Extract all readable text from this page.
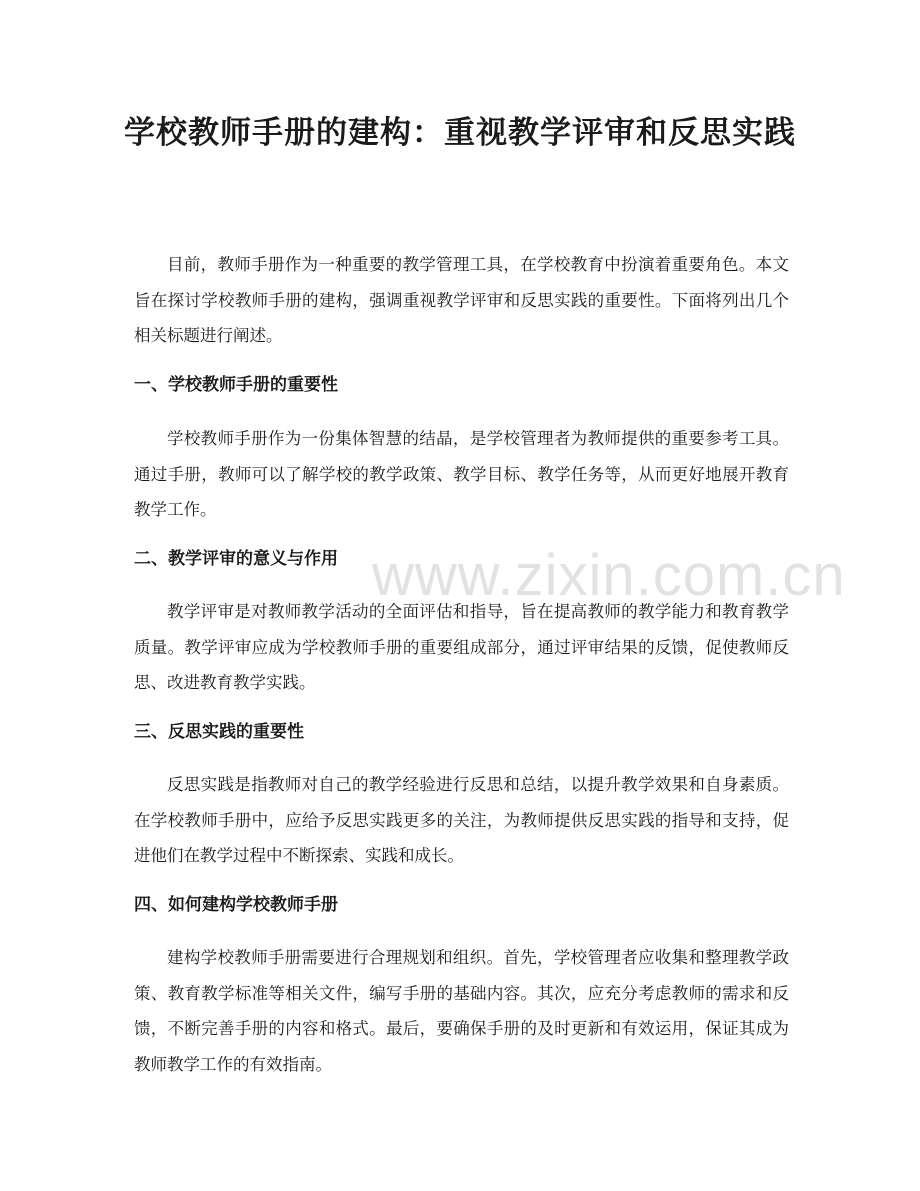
学校教师手册的建构：重视教学评审和反思实践

目前，教师手册作为一种重要的教学管理工具，在学校教育中扮演着重要角色。本文旨在探讨学校教师手册的建构，强调重视教学评审和反思实践的重要性。下面将列出几个相关标题进行阐述。

一、学校教师手册的重要性

学校教师手册作为一份集体智慧的结晶，是学校管理者为教师提供的重要参考工具。通过手册，教师可以了解学校的教学政策、教学目标、教学任务等，从而更好地展开教育教学工作。

二、教学评审的意义与作用

教学评审是对教师教学活动的全面评估和指导，旨在提高教师的教学能力和教育教学质量。教学评审应成为学校教师手册的重要组成部分，通过评审结果的反馈，促使教师反思、改进教育教学实践。

三、反思实践的重要性

反思实践是指教师对自己的教学经验进行反思和总结，以提升教学效果和自身素质。在学校教师手册中，应给予反思实践更多的关注，为教师提供反思实践的指导和支持，促进他们在教学过程中不断探索、实践和成长。

四、如何建构学校教师手册

建构学校教师手册需要进行合理规划和组织。首先，学校管理者应收集和整理教学政策、教育教学标准等相关文件，编写手册的基础内容。其次，应充分考虑教师的需求和反馈，不断完善手册的内容和格式。最后，要确保手册的及时更新和有效运用，保证其成为教师教学工作的有效指南。

www.zixin.com.cn
